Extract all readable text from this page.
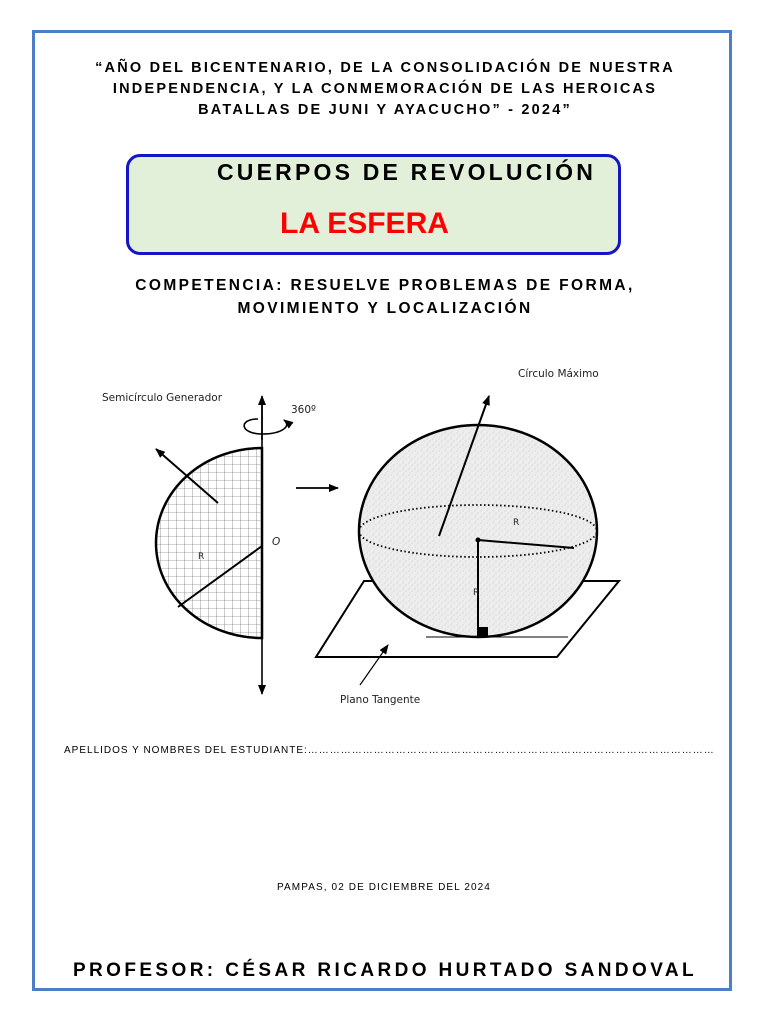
“AÑO DEL BICENTENARIO, DE LA CONSOLIDACIÓN DE NUESTRA
INDEPENDENCIA, Y LA CONMEMORACIÓN DE LAS HEROICAS
BATALLAS DE JUNI Y AYACUCHO” - 2024”
CUERPOS DE REVOLUCIÓN
LA ESFERA
COMPETENCIA: RESUELVE PROBLEMAS DE FORMA,
MOVIMIENTO Y LOCALIZACIÓN
Semicírculo Generador
360º
O
R
Círculo Máximo
R
R
Plano Tangente
APELLIDOS Y NOMBRES DEL ESTUDIANTE:…………………………………………………………………………………………………
PAMPAS, 02 DE DICIEMBRE DEL 2024
PROFESOR: CÉSAR RICARDO HURTADO SANDOVAL
